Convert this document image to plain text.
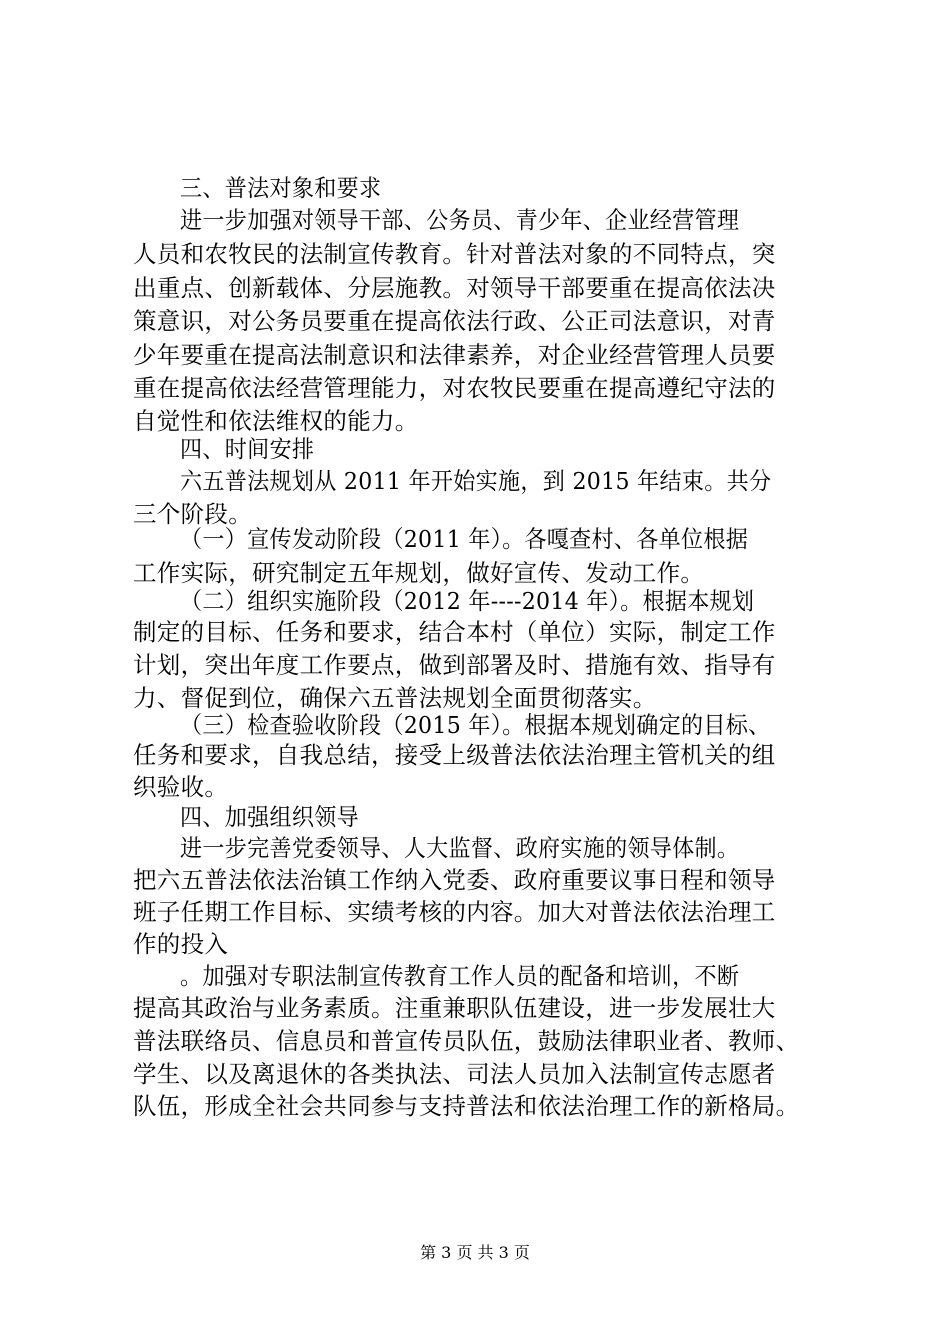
三、普法对象和要求
进一步加强对领导干部、公务员、青少年、企业经营管理
人员和农牧民的法制宣传教育。针对普法对象的不同特点，突
出重点、创新载体、分层施教。对领导干部要重在提高依法决
策意识，对公务员要重在提高依法行政、公正司法意识，对青
少年要重在提高法制意识和法律素养，对企业经营管理人员要
重在提高依法经营管理能力，对农牧民要重在提高遵纪守法的
自觉性和依法维权的能力。
四、时间安排
六五普法规划从 2011 年开始实施，到 2015 年结束。共分
三个阶段。
（一）宣传发动阶段（2011 年）。各嘎查村、各单位根据
工作实际，研究制定五年规划，做好宣传、发动工作。
（二）组织实施阶段（2012 年----2014 年）。根据本规划
制定的目标、任务和要求，结合本村（单位）实际，制定工作
计划，突出年度工作要点，做到部署及时、措施有效、指导有
力、督促到位，确保六五普法规划全面贯彻落实。
（三）检查验收阶段（2015 年）。根据本规划确定的目标、
任务和要求，自我总结，接受上级普法依法治理主管机关的组
织验收。
四、加强组织领导
进一步完善党委领导、人大监督、政府实施的领导体制。
把六五普法依法治镇工作纳入党委、政府重要议事日程和领导
班子任期工作目标、实绩考核的内容。加大对普法依法治理工
作的投入
。加强对专职法制宣传教育工作人员的配备和培训，不断
提高其政治与业务素质。注重兼职队伍建设，进一步发展壮大
普法联络员、信息员和普宣传员队伍，鼓励法律职业者、教师、
学生、以及离退休的各类执法、司法人员加入法制宣传志愿者
队伍，形成全社会共同参与支持普法和依法治理工作的新格局。
第 3 页 共 3 页
